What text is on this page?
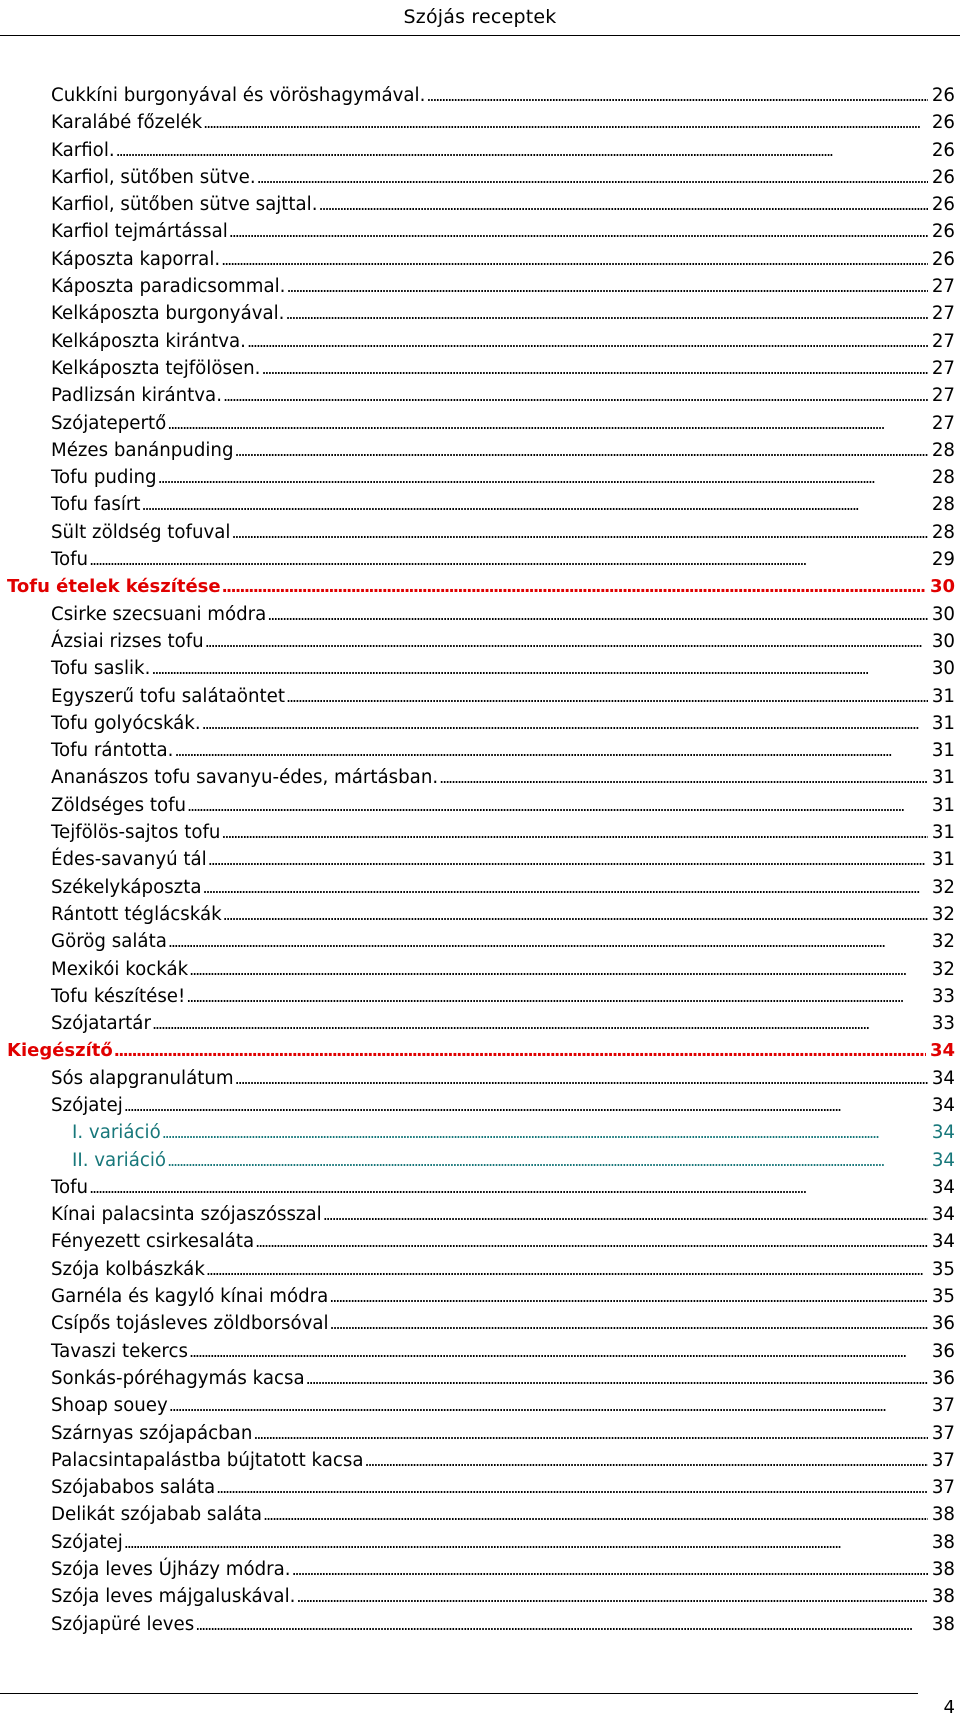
Szójás receptek
Cukkíni burgonyával és vöröshagymával. . . .	26
Karalábé főzelék . . .	26
Karfiol. . . .	26
Karfiol, sütőben sütve. . . .	26
Karfiol, sütőben sütve sajttal. . . .	26
Karfiol tejmártással . . .	26
Káposzta kaporral. . . .	26
Káposzta paradicsommal. . . .	27
Kelkáposzta burgonyával. . . .	27
Kelkáposzta kirántva. . . .	27
Kelkáposzta tejfölösen. . . .	27
Padlizsán kirántva. . . .	27
Szójatepertő . . .	27
Mézes banánpuding . . .	28
Tofu puding . . .	28
Tofu fasírt . . .	28
Sült zöldség tofuval . . .	28
Tofu . . .	29
Tofu ételek készítése . . .	30
Csirke szecsuani módra . . .	30
Ázsiai rizses tofu . . .	30
Tofu saslik. . . .	30
Egyszerű tofu salátaöntet . . .	31
Tofu golyócskák. . . .	31
Tofu rántotta. . . .	31
Ananászos tofu savanyu-édes, mártásban. . . .	31
Zöldséges tofu . . .	31
Tejfölös-sajtos tofu . . .	31
Édes-savanyú tál . . .	31
Székelykáposzta . . .	32
Rántott téglácskák . . .	32
Görög saláta . . .	32
Mexikói kockák . . .	32
Tofu készítése! . . .	33
Szójatartár . . .	33
Kiegészítő . . .	34
Sós alapgranulátum . . .	34
Szójatej . . .	34
I. variáció . . .	34
II. variáció . . .	34
Tofu . . .	34
Kínai palacsinta szójaszósszal . . .	34
Fényezett csirkesaláta . . .	34
Szója kolbászkák . . .	35
Garnéla és kagyló kínai módra . . .	35
Csípős tojásleves zöldborsóval . . .	36
Tavaszi tekercs . . .	36
Sonkás-póréhagymás kacsa . . .	36
Shoap souey . . .	37
Szárnyas szójapácban . . .	37
Palacsintapalástba bújtatott kacsa . . .	37
Szójababos saláta . . .	37
Delikát szójabab saláta . . .	38
Szójatej . . .	38
Szója leves Újházy módra. . . .	38
Szója leves májgaluskával. . . .	38
Szójapüré leves . . .	38
4
